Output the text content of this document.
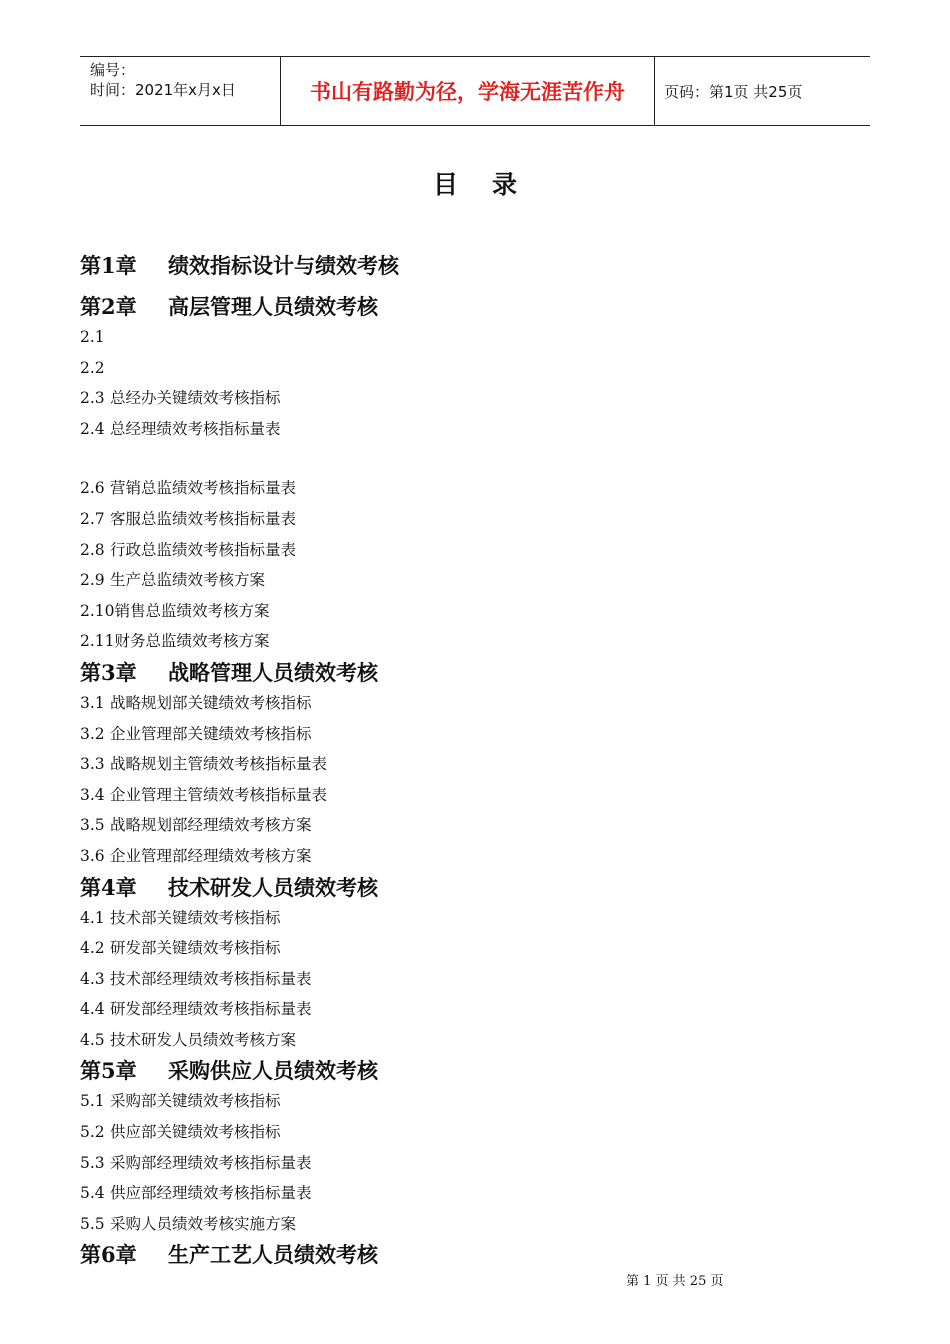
编号：
时间：2021年x月x日	书山有路勤为径，学海无涯苦作舟	页码：第1页 共25页
目录
第1章 绩效指标设计与绩效考核
第2章 高层管理人员绩效考核
2.1
2.2
2.3 总经办关键绩效考核指标
2.4 总经理绩效考核指标量表
2.6 营销总监绩效考核指标量表
2.7 客服总监绩效考核指标量表
2.8 行政总监绩效考核指标量表
2.9 生产总监绩效考核方案
2.10销售总监绩效考核方案
2.11财务总监绩效考核方案
第3章 战略管理人员绩效考核
3.1 战略规划部关键绩效考核指标
3.2 企业管理部关键绩效考核指标
3.3 战略规划主管绩效考核指标量表
3.4 企业管理主管绩效考核指标量表
3.5 战略规划部经理绩效考核方案
3.6 企业管理部经理绩效考核方案
第4章 技术研发人员绩效考核
4.1 技术部关键绩效考核指标
4.2 研发部关键绩效考核指标
4.3 技术部经理绩效考核指标量表
4.4 研发部经理绩效考核指标量表
4.5 技术研发人员绩效考核方案
第5章 采购供应人员绩效考核
5.1 采购部关键绩效考核指标
5.2 供应部关键绩效考核指标
5.3 采购部经理绩效考核指标量表
5.4 供应部经理绩效考核指标量表
5.5 采购人员绩效考核实施方案
第6章 生产工艺人员绩效考核
第 1 页 共 25 页
